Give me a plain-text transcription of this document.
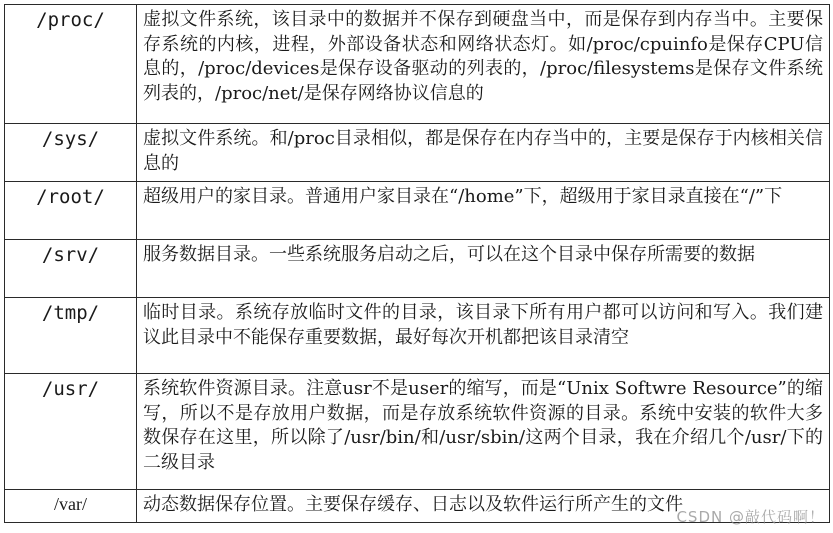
/proc/	虚拟文件系统，该目录中的数据并不保存到硬盘当中，而是保存到内存当中。主要保存系统的内核，进程，外部设备状态和网络状态灯。如/proc/cpuinfo是保存CPU信息的，/proc/devices是保存设备驱动的列表的，/proc/filesystems是保存文件系统列表的，/proc/net/是保存网络协议信息的
/sys/	虚拟文件系统。和/proc目录相似，都是保存在内存当中的，主要是保存于内核相关信息的
/root/	超级用户的家目录。普通用户家目录在“/home”下，超级用于家目录直接在“/”下
/srv/	服务数据目录。一些系统服务启动之后，可以在这个目录中保存所需要的数据
/tmp/	临时目录。系统存放临时文件的目录，该目录下所有用户都可以访问和写入。我们建议此目录中不能保存重要数据，最好每次开机都把该目录清空
/usr/	系统软件资源目录。注意usr不是user的缩写，而是“Unix Softwre Resource”的缩写，所以不是存放用户数据，而是存放系统软件资源的目录。系统中安装的软件大多数保存在这里，所以除了/usr/bin/和/usr/sbin/这两个目录，我在介绍几个/usr/下的二级目录
/var/	动态数据保存位置。主要保存缓存、日志以及软件运行所产生的文件
CSDN @敲代码啊！
